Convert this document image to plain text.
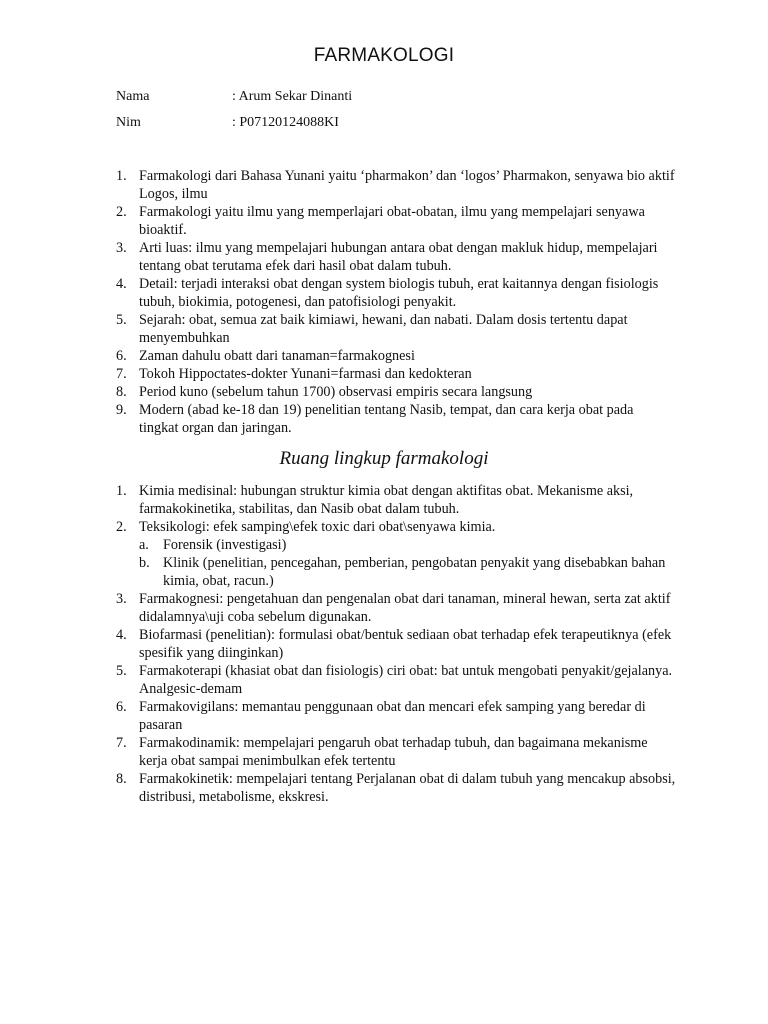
FARMAKOLOGI
Nama	: Arum Sekar Dinanti
Nim	: P07120124088KI
1. Farmakologi dari Bahasa Yunani yaitu ‘pharmakon’ dan ‘logos’ Pharmakon, senyawa bio aktif Logos, ilmu
2. Farmakologi yaitu ilmu yang memperlajari obat-obatan, ilmu yang mempelajari senyawa bioaktif.
3. Arti luas: ilmu yang mempelajari hubungan antara obat dengan makluk hidup, mempelajari tentang obat terutama efek dari hasil obat dalam tubuh.
4. Detail: terjadi interaksi obat dengan system biologis tubuh, erat kaitannya dengan fisiologis tubuh, biokimia, potogenesi, dan patofisiologi penyakit.
5. Sejarah: obat, semua zat baik kimiawi, hewani, dan nabati. Dalam dosis tertentu dapat menyembuhkan
6. Zaman dahulu obatt dari tanaman=farmakognesi
7. Tokoh Hippoctates-dokter Yunani=farmasi dan kedokteran
8. Period kuno (sebelum tahun 1700) observasi empiris secara langsung
9. Modern (abad ke-18 dan 19) penelitian tentang Nasib, tempat, dan cara kerja obat pada tingkat organ dan jaringan.
Ruang lingkup farmakologi
1. Kimia medisinal: hubungan struktur kimia obat dengan aktifitas obat. Mekanisme aksi, farmakokinetika, stabilitas, dan Nasib obat dalam tubuh.
2. Teksikologi: efek samping\efek toxic dari obat\senyawa kimia.
a. Forensik (investigasi)
b. Klinik (penelitian, pencegahan, pemberian, pengobatan penyakit yang disebabkan bahan kimia, obat, racun.)
3. Farmakognesi: pengetahuan dan pengenalan obat dari tanaman, mineral hewan, serta zat aktif didalamnya\uji coba sebelum digunakan.
4. Biofarmasi (penelitian): formulasi obat/bentuk sediaan obat terhadap efek terapeutiknya (efek spesifik yang diinginkan)
5. Farmakoterapi (khasiat obat dan fisiologis) ciri obat: bat untuk mengobati penyakit/gejalanya. Analgesic-demam
6. Farmakovigilans: memantau penggunaan obat dan mencari efek samping yang beredar di pasaran
7. Farmakodinamik: mempelajari pengaruh obat terhadap tubuh, dan bagaimana mekanisme kerja obat sampai menimbulkan efek tertentu
8. Farmakokinetik: mempelajari tentang Perjalanan obat di dalam tubuh yang mencakup absobsi, distribusi, metabolisme, ekskresi.
